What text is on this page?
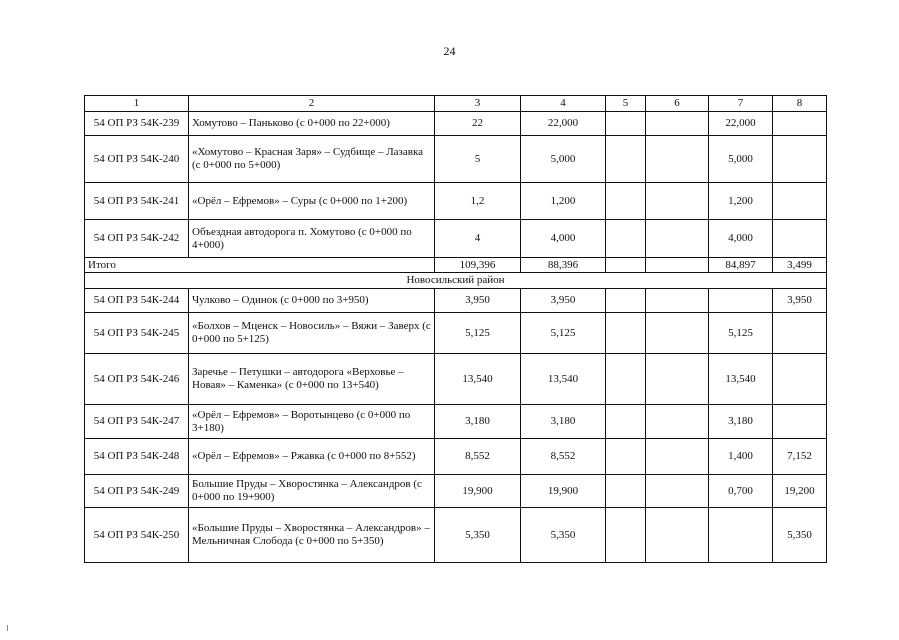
24
1	2	3	4	5	6	7	8
54 ОП РЗ 54К-239	Хомутово – Паньково (с 0+000 по 22+000)	22	22,000			22,000	
54 ОП РЗ 54К-240	«Хомутово – Красная Заря» – Судбище – Лазавка (с 0+000 по 5+000)	5	5,000			5,000	
54 ОП РЗ 54К-241	«Орёл – Ефремов» – Суры (с 0+000 по 1+200)	1,2	1,200			1,200	
54 ОП РЗ 54К-242	Объездная автодорога п. Хомутово (с 0+000 по 4+000)	4	4,000			4,000	
Итого		109,396	88,396			84,897	3,499
Новосильский район							
54 ОП РЗ 54К-244	Чулково – Одинок (с 0+000 по 3+950)	3,950	3,950				3,950
54 ОП РЗ 54К-245	«Болхов – Мценск – Новосиль» – Вяжи – Заверх (с 0+000 по 5+125)	5,125	5,125			5,125	
54 ОП РЗ 54К-246	Заречье – Петушки – автодорога «Верховье – Новая» – Каменка» (с 0+000 по 13+540)	13,540	13,540			13,540	
54 ОП РЗ 54К-247	«Орёл – Ефремов» – Воротынцево (с 0+000 по 3+180)	3,180	3,180			3,180	
54 ОП РЗ 54К-248	«Орёл – Ефремов» – Ржавка (с 0+000 по 8+552)	8,552	8,552			1,400	7,152
54 ОП РЗ 54К-249	Большие Пруды – Хворостянка – Александров (с 0+000 по 19+900)	19,900	19,900			0,700	19,200
54 ОП РЗ 54К-250	«Большие Пруды – Хворостянка – Александров» – Мельничная Слобода (с 0+000 по 5+350)	5,350	5,350				5,350
